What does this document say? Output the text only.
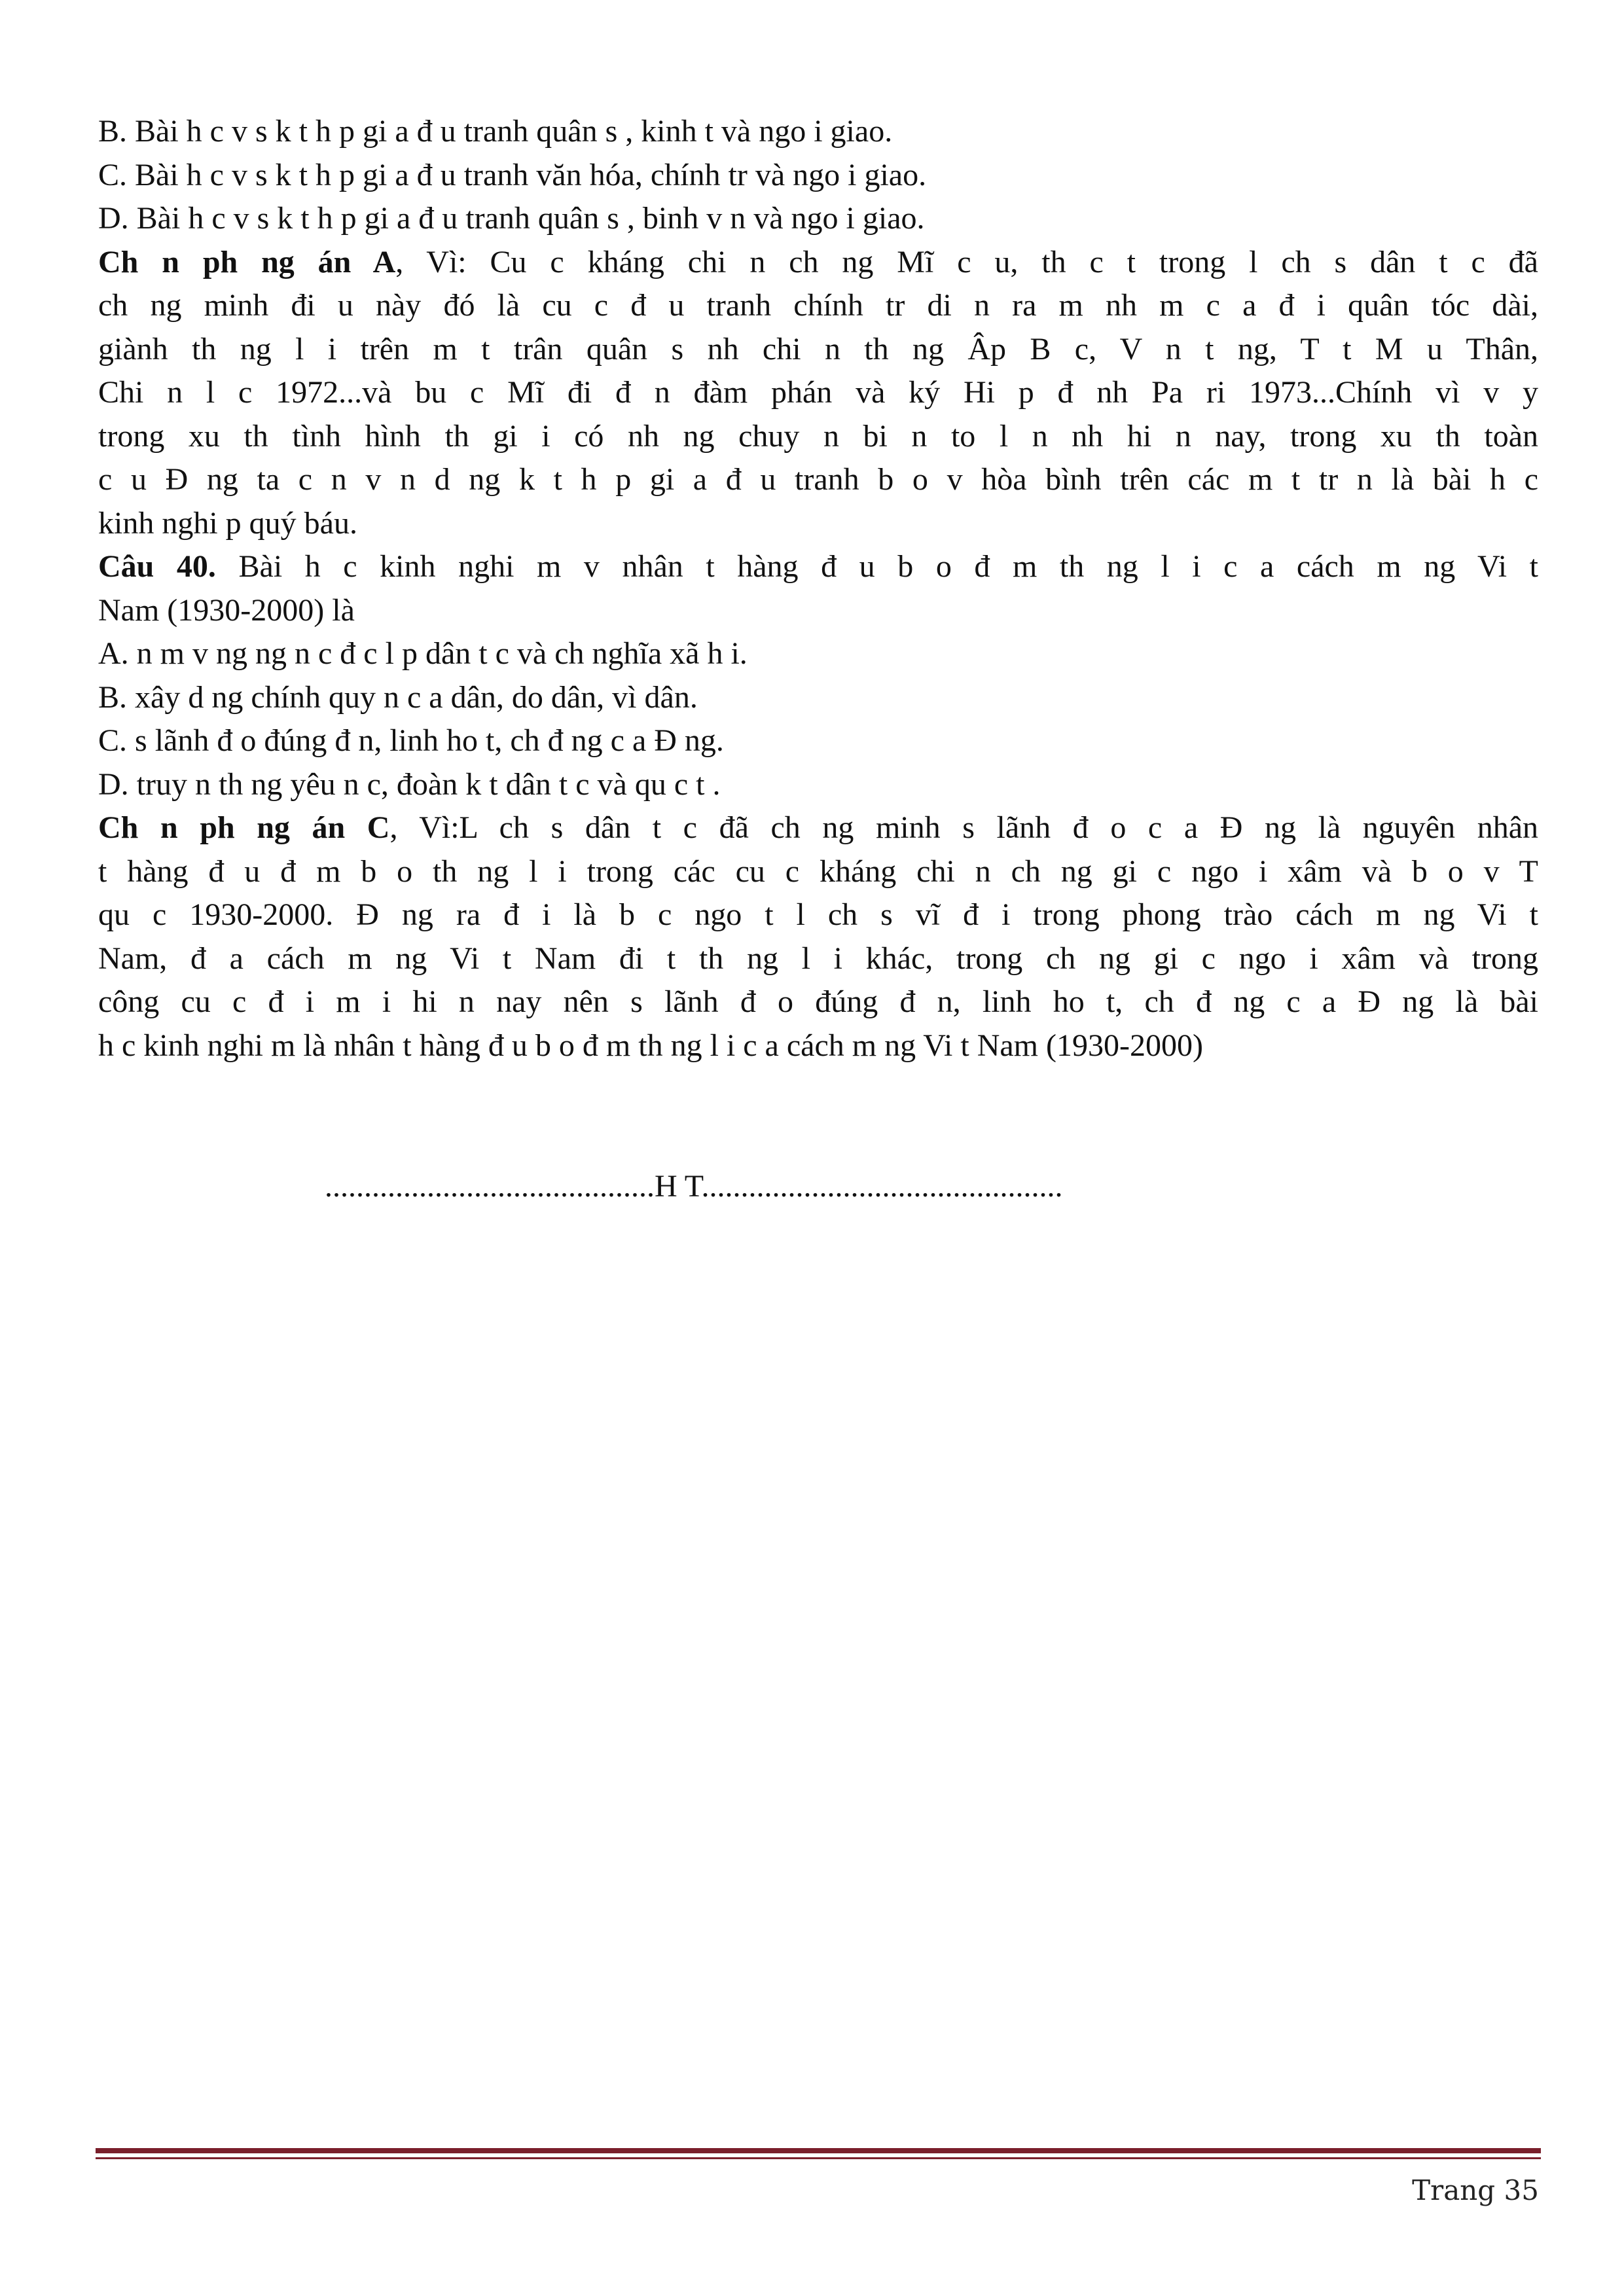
B. Bài h c v s k t h p gi a đ u tranh quân s , kinh t và ngo i giao.
C. Bài h c v s k t h p gi a đ u tranh văn hóa, chính tr và ngo i giao.
D. Bài h c v s k t h p gi a đ u tranh quân s , binh v n và ngo i giao.
Ch n ph ng án A, Vì: Cu c kháng chi n ch ng Mĩ c u, th c t trong l ch s dân t c đã
ch ng minh đi u này đó là cu c đ u tranh chính tr di n ra m nh m c a đ i quân tóc dài,
giành th ng l i trên m t trân quân s nh chi n th ng Âp B c, V n t ng, T t M u Thân,
Chi n l c 1972...và bu c Mĩ đi đ n đàm phán và ký Hi p đ nh Pa ri 1973...Chính vì v y
trong xu th tình hình th gi i có nh ng chuy n bi n to l n nh hi n nay, trong xu th toàn
c u Đ ng ta c n v n d ng k t h p gi a đ u tranh b o v hòa bình trên các m t tr n là bài h c
kinh nghi p quý báu.
Câu 40. Bài h c kinh nghi m v nhân t hàng đ u b o đ m th ng l i c a cách m ng Vi t
Nam (1930-2000) là
A. n m v ng ng n c đ c l p dân t c và ch nghĩa xã h i.
B. xây d ng chính quy n c a dân, do dân, vì dân.
C. s lãnh đ o đúng đ n, linh ho t, ch đ ng c a Đ ng.
D. truy n th ng yêu n c, đoàn k t dân t c và qu c t .
Ch n ph ng án C, Vì:L ch s dân t c đã ch ng minh s lãnh đ o c a Đ ng là nguyên nhân
t hàng đ u đ m b o th ng l i trong các cu c kháng chi n ch ng gi c ngo i xâm và b o v T
qu c 1930-2000. Đ ng ra đ i là b c ngo t l ch s vĩ đ i trong phong trào cách m ng Vi t
Nam, đ a cách m ng Vi t Nam đi t th ng l i khác, trong ch ng gi c ngo i xâm và trong
công cu c đ i m i hi n nay nên s lãnh đ o đúng đ n, linh ho t, ch đ ng c a Đ ng là bài
h c kinh nghi m là nhân t hàng đ u b o đ m th ng l i c a cách m ng Vi t Nam (1930-2000)
..........................................H T..............................................
Trang 35
